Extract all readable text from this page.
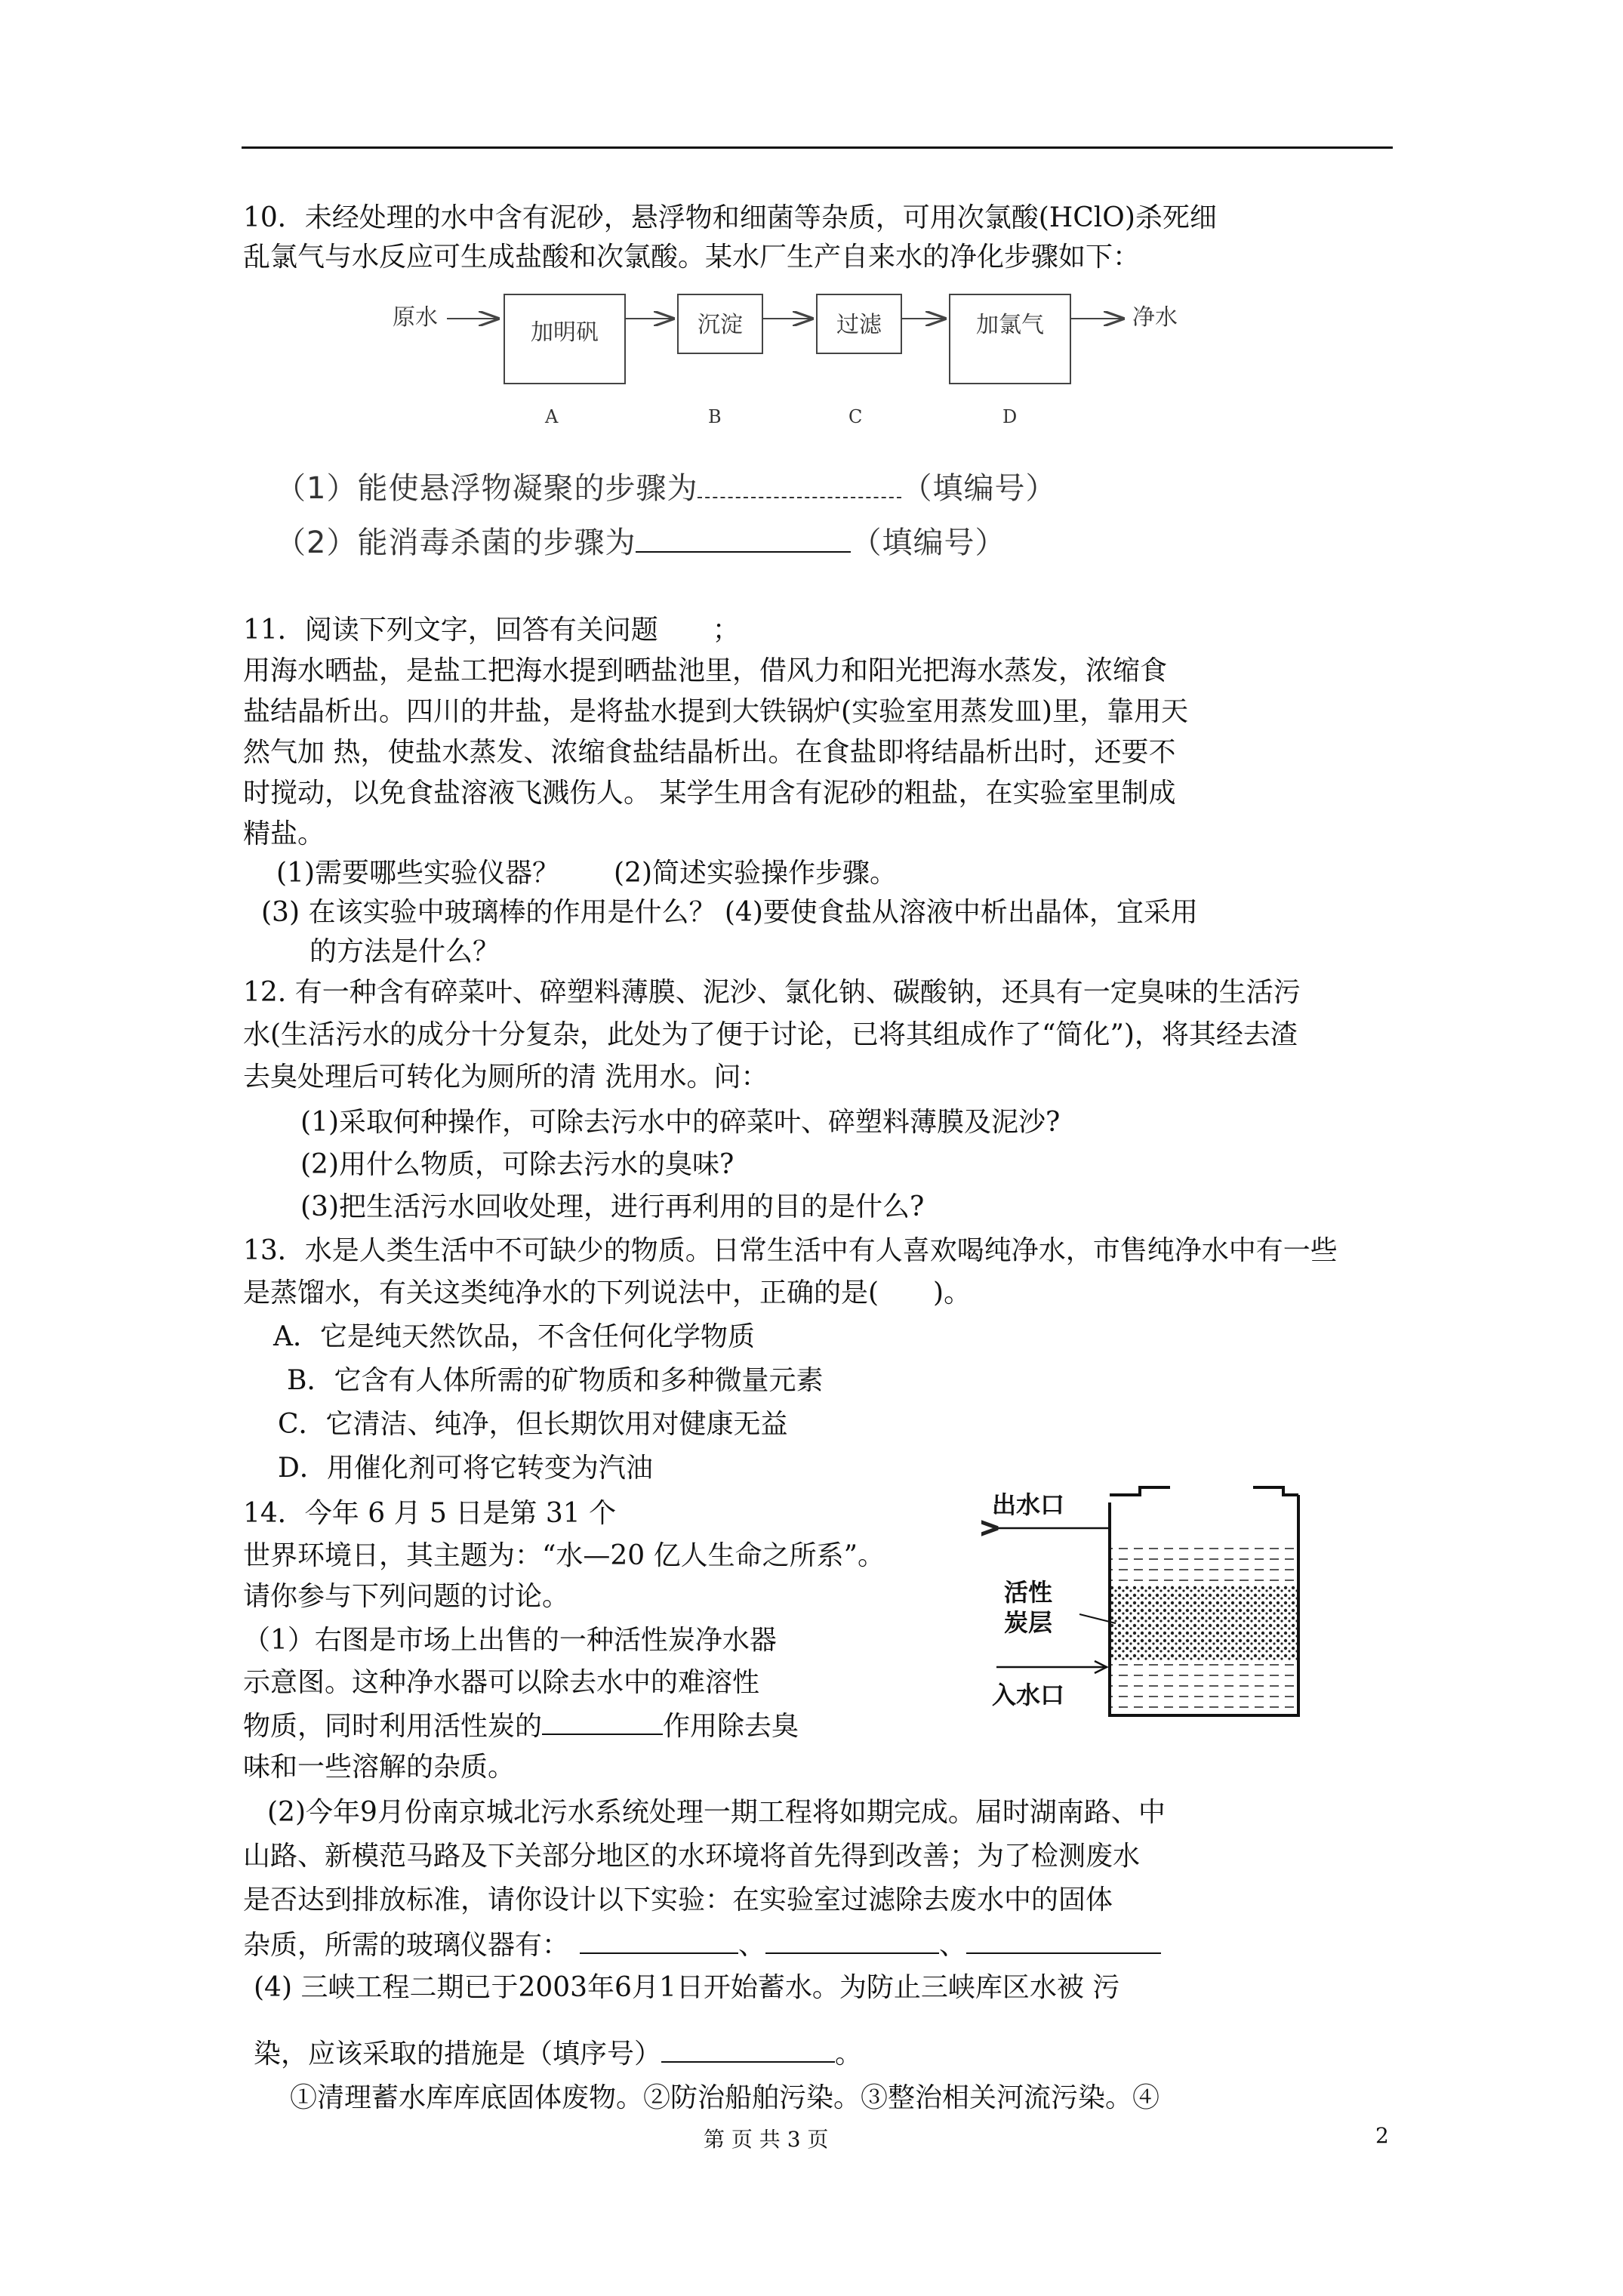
10．未经处理的水中含有泥砂，悬浮物和细菌等杂质，可用次氯酸(HClO)杀死细
乱氯气与水反应可生成盐酸和次氯酸。某水厂生产自来水的净化步骤如下：
原水
加明矾	沉淀	过滤	加氯气	净水
A	B	C	D
（1）能使悬浮物凝聚的步骤为	（填编号）
（2）能消毒杀菌的步骤为	（填编号）
11．阅读下列文字，回答有关问题　　；
用海水晒盐，是盐工把海水提到晒盐池里，借风力和阳光把海水蒸发，浓缩食
盐结晶析出。四川的井盐，是将盐水提到大铁锅炉(实验室用蒸发皿)里，靠用天
然气加 热，使盐水蒸发、浓缩食盐结晶析出。在食盐即将结晶析出时，还要不
时搅动，以免食盐溶液飞溅伤人。 某学生用含有泥砂的粗盐，在实验室里制成
精盐。
(1)需要哪些实验仪器？　　(2)简述实验操作步骤。
(3) 在该实验中玻璃棒的作用是什么？ (4)要使食盐从溶液中析出晶体，宜采用
的方法是什么？
12. 有一种含有碎菜叶、碎塑料薄膜、泥沙、氯化钠、碳酸钠，还具有一定臭味的生活污
水(生活污水的成分十分复杂，此处为了便于讨论，已将其组成作了“简化”)，将其经去渣
去臭处理后可转化为厕所的清 洗用水。问：
(1)采取何种操作，可除去污水中的碎菜叶、碎塑料薄膜及泥沙?
(2)用什么物质，可除去污水的臭味?
(3)把生活污水回收处理，进行再利用的目的是什么?
13．水是人类生活中不可缺少的物质。日常生活中有人喜欢喝纯净水，市售纯净水中有一些
是蒸馏水，有关这类纯净水的下列说法中，正确的是(　　)。
A．它是纯天然饮品，不含任何化学物质
B．它含有人体所需的矿物质和多种微量元素
C．它清洁、纯净，但长期饮用对健康无益
D．用催化剂可将它转变为汽油
14．今年 6 月 5 日是第 31 个
世界环境日，其主题为：“水—20 亿人生命之所系”。
请你参与下列问题的讨论。
（1）右图是市场上出售的一种活性炭净水器
示意图。这种净水器可以除去水中的难溶性
物质，同时利用活性炭的	作用除去臭
味和一些溶解的杂质。
出水口
活性
炭层
入水口
(2)今年9月份南京城北污水系统处理一期工程将如期完成。届时湖南路、中
山路、新模范马路及下关部分地区的水环境将首先得到改善；为了检测废水
是否达到排放标准，请你设计以下实验：在实验室过滤除去废水中的固体
杂质，所需的玻璃仪器有：	、	、
(4) 三峡工程二期已于2003年6月1日开始蓄水。为防止三峡库区水被 污
染，应该采取的措施是（填序号）	。
①清理蓄水库库底固体废物。②防治船舶污染。③整治相关河流污染。④
第 页 共 3 页	2
